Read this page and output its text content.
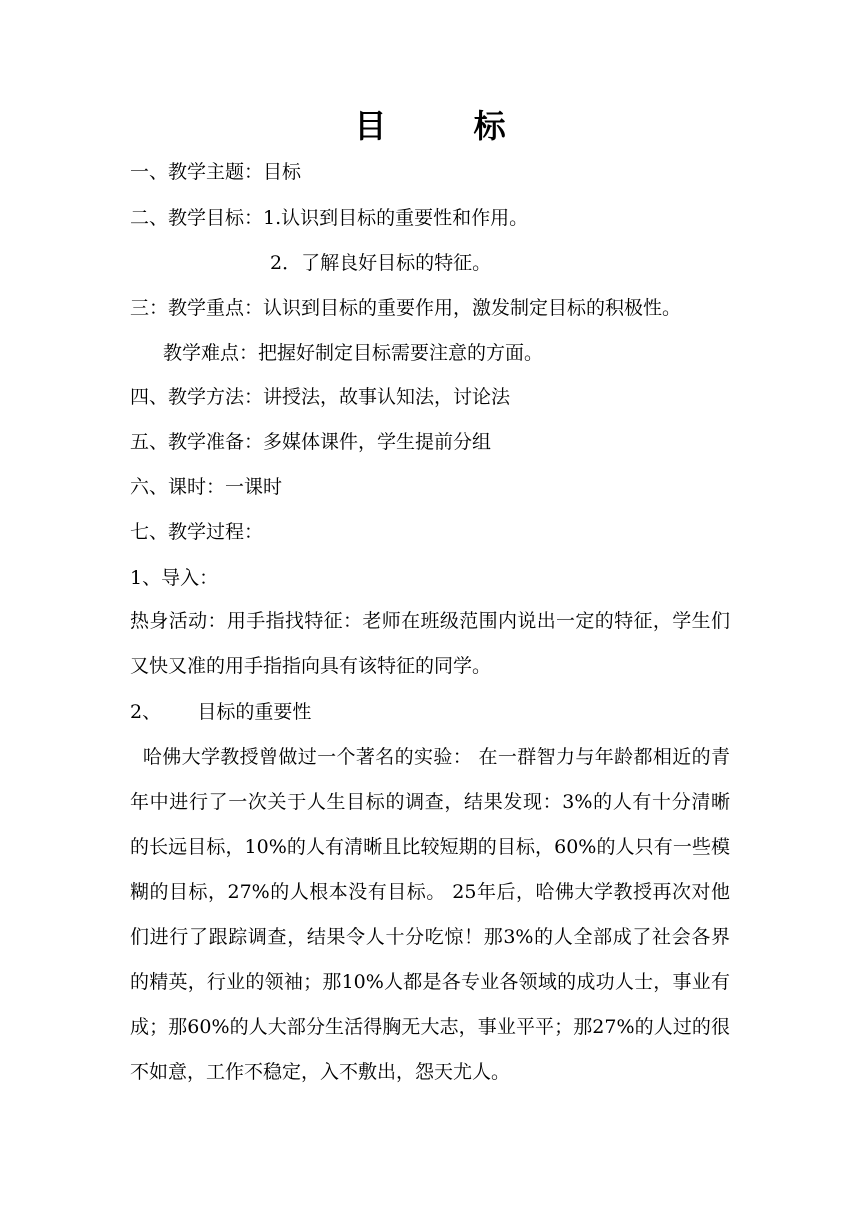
目 标
一、教学主题：目标
二、教学目标：1.认识到目标的重要性和作用。
2．了解良好目标的特征。
三：教学重点：认识到目标的重要作用，激发制定目标的积极性。
教学难点：把握好制定目标需要注意的方面。
四、教学方法：讲授法，故事认知法，讨论法
五、教学准备：多媒体课件，学生提前分组
六、课时：一课时
七、教学过程：
1、导入：
热身活动：用手指找特征：老师在班级范围内说出一定的特征，学生们又快又准的用手指指向具有该特征的同学。
2、      目标的重要性
哈佛大学教授曾做过一个著名的实验： 在一群智力与年龄都相近的青年中进行了一次关于人生目标的调查，结果发现：3%的人有十分清晰的长远目标，10%的人有清晰且比较短期的目标，60%的人只有一些模糊的目标，27%的人根本没有目标。 25年后，哈佛大学教授再次对他们进行了跟踪调查，结果令人十分吃惊！那3%的人全部成了社会各界的精英，行业的领袖；那10%人都是各专业各领域的成功人士，事业有成；那60%的人大部分生活得胸无大志，事业平平；那27%的人过的很不如意，工作不稳定，入不敷出，怨天尤人。
